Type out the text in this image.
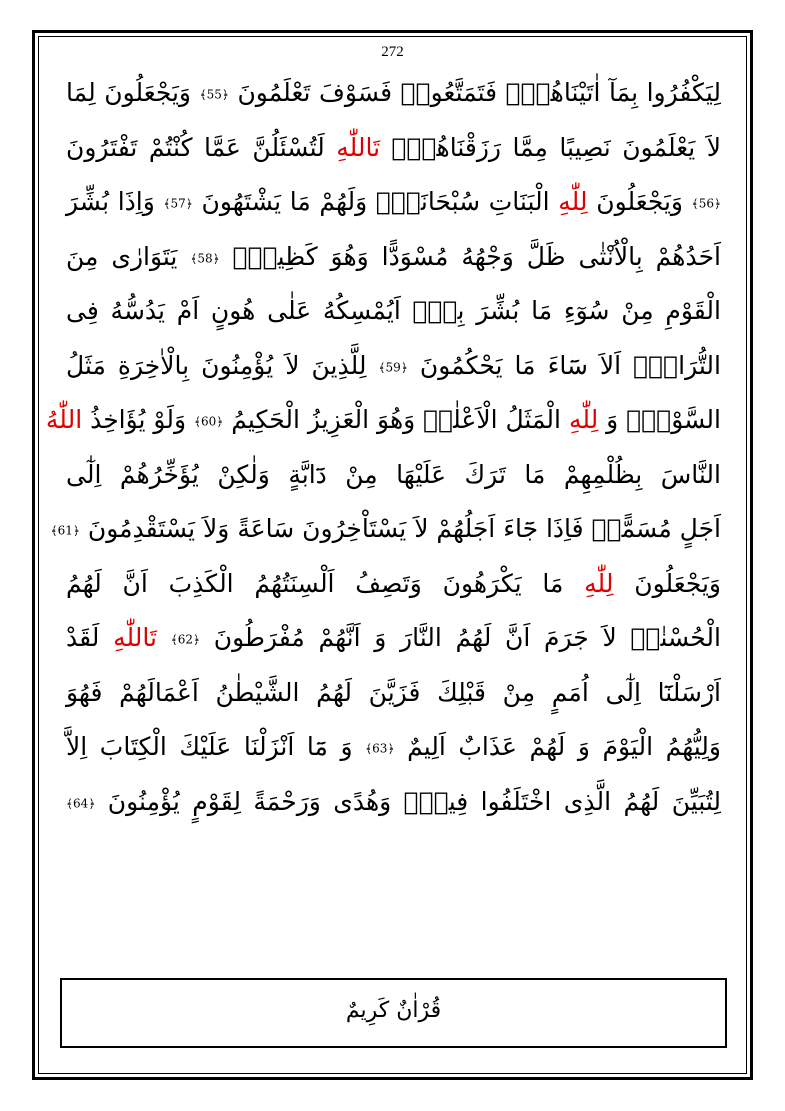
272
لِيَكْفُرُوا بِمَآ اٰتَيْنَاهُمْۜ فَتَمَتَّعُواۗ فَسَوْفَ تَعْلَمُونَ ﴿55﴾ وَيَجْعَلُونَ لِمَا
لاَ يَعْلَمُونَ نَصِيبًا مِمَّا رَزَقْنَاهُمْۜ تَاللّٰهِ لَتُسْئَلُنَّ عَمَّا كُنْتُمْ تَفْتَرُونَ
﴿56﴾ وَيَجْعَلُونَ لِلّٰهِ الْبَنَاتِ سُبْحَانَهُۙ وَلَهُمْ مَا يَشْتَهُونَ ﴿57﴾ وَاِذَا بُشِّرَ
اَحَدُهُمْ بِالْاُنْثٰى ظَلَّ وَجْهُهُ مُسْوَدًّا وَهُوَ كَظِيمٌۚ ﴿58﴾ يَتَوَارٰى مِنَ
الْقَوْمِ مِنْ سُوٓءِ مَا بُشِّرَ بِهٖۜ اَيُمْسِكُهُ عَلٰى هُونٍ اَمْ يَدُسُّهُ فِى
التُّرَابِۜ اَلاَ سَٓاءَ مَا يَحْكُمُونَ ﴿59﴾ لِلَّذِينَ لاَ يُؤْمِنُونَ بِالْاٰخِرَةِ مَثَلُ
السَّوْءِۚ وَ لِلّٰهِ الْمَثَلُ الْاَعْلٰىۜ وَهُوَ الْعَزِيزُ الْحَكِيمُ ﴿60﴾ وَلَوْ يُؤَاخِذُ اللّٰهُ
النَّاسَ بِظُلْمِهِمْ مَا تَرَكَ عَلَيْهَا مِنْ دَٓابَّةٍ وَلٰكِنْ يُؤَخِّرُهُمْ اِلٰٓى
اَجَلٍ مُسَمًّىۚ فَاِذَا جَٓاءَ اَجَلُهُمْ لاَ يَسْتَاْخِرُونَ سَاعَةً وَلاَ يَسْتَقْدِمُونَ ﴿61﴾
وَيَجْعَلُونَ لِلّٰهِ مَا يَكْرَهُونَ وَتَصِفُ اَلْسِنَتُهُمُ الْكَذِبَ اَنَّ لَهُمُ
الْحُسْنٰىۜ لاَ جَرَمَ اَنَّ لَهُمُ النَّارَ وَ اَنَّهُمْ مُفْرَطُونَ ﴿62﴾ تَاللّٰهِ لَقَدْ
اَرْسَلْنَٓا اِلٰٓى اُمَمٍ مِنْ قَبْلِكَ فَزَيَّنَ لَهُمُ الشَّيْطٰنُ اَعْمَالَهُمْ فَهُوَ
وَلِيُّهُمُ الْيَوْمَ وَ لَهُمْ عَذَابٌ اَلِيمٌ ﴿63﴾ وَ مَٓا اَنْزَلْنَا عَلَيْكَ الْكِتَابَ اِلاَّ
لِتُبَيِّنَ لَهُمُ الَّذِى اخْتَلَفُوا فِيهِۙ وَهُدًى وَرَحْمَةً لِقَوْمٍ يُؤْمِنُونَ ﴿64﴾
قُرْاٰنٌ كَرِيمٌ
